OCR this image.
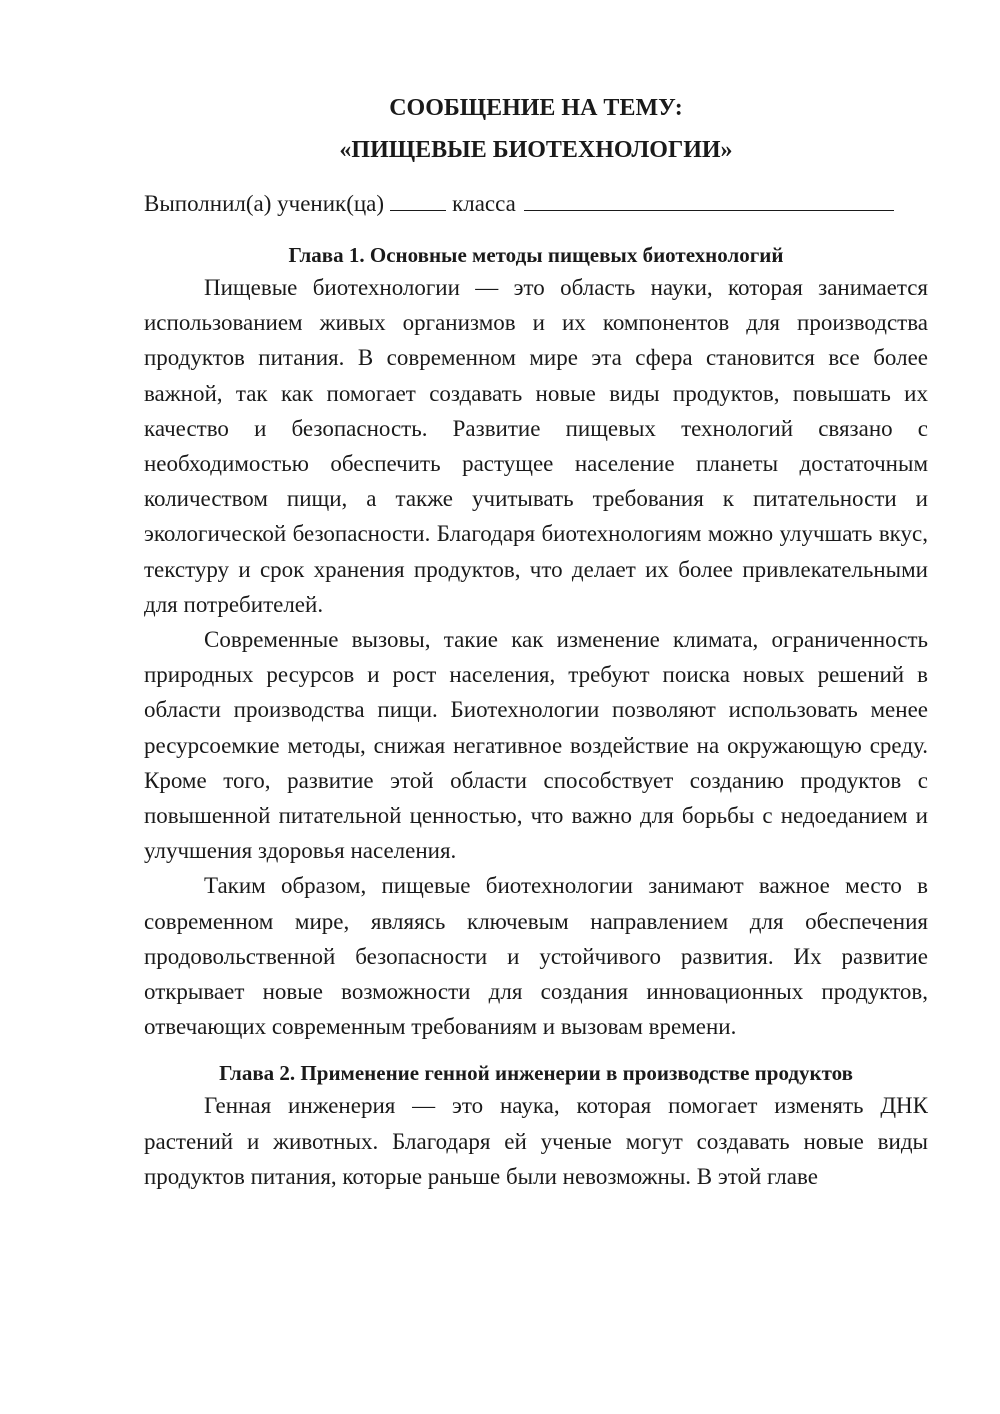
СООБЩЕНИЕ НА ТЕМУ:
«ПИЩЕВЫЕ БИОТЕХНОЛОГИИ»
Выполнил(а) ученик(ца)	класса
Глава 1. Основные методы пищевых биотехнологий

Пищевые биотехнологии — это область науки, которая занимается использованием живых организмов и их компонентов для производства продуктов питания. В современном мире эта сфера становится все более важной, так как помогает создавать новые виды продуктов, повышать их качество и безопасность. Развитие пищевых технологий связано с необходимостью обеспечить растущее население планеты достаточным количеством пищи, а также учитывать требования к питательности и экологической безопасности. Благодаря биотехнологиям можно улучшать вкус, текстуру и срок хранения продуктов, что делает их более привлекательными для потребителей.

Современные вызовы, такие как изменение климата, ограниченность природных ресурсов и рост населения, требуют поиска новых решений в области производства пищи. Биотехнологии позволяют использовать менее ресурсоемкие методы, снижая негативное воздействие на окружающую среду. Кроме того, развитие этой области способствует созданию продуктов с повышенной питательной ценностью, что важно для борьбы с недоеданием и улучшения здоровья населения.

Таким образом, пищевые биотехнологии занимают важное место в современном мире, являясь ключевым направлением для обеспечения продовольственной безопасности и устойчивого развития. Их развитие открывает новые возможности для создания инновационных продуктов, отвечающих современным требованиям и вызовам времени.

Глава 2. Применение генной инженерии в производстве продуктов

Генная инженерия — это наука, которая помогает изменять ДНК растений и животных. Благодаря ей ученые могут создавать новые виды продуктов питания, которые раньше были невозможны. В этой главе
